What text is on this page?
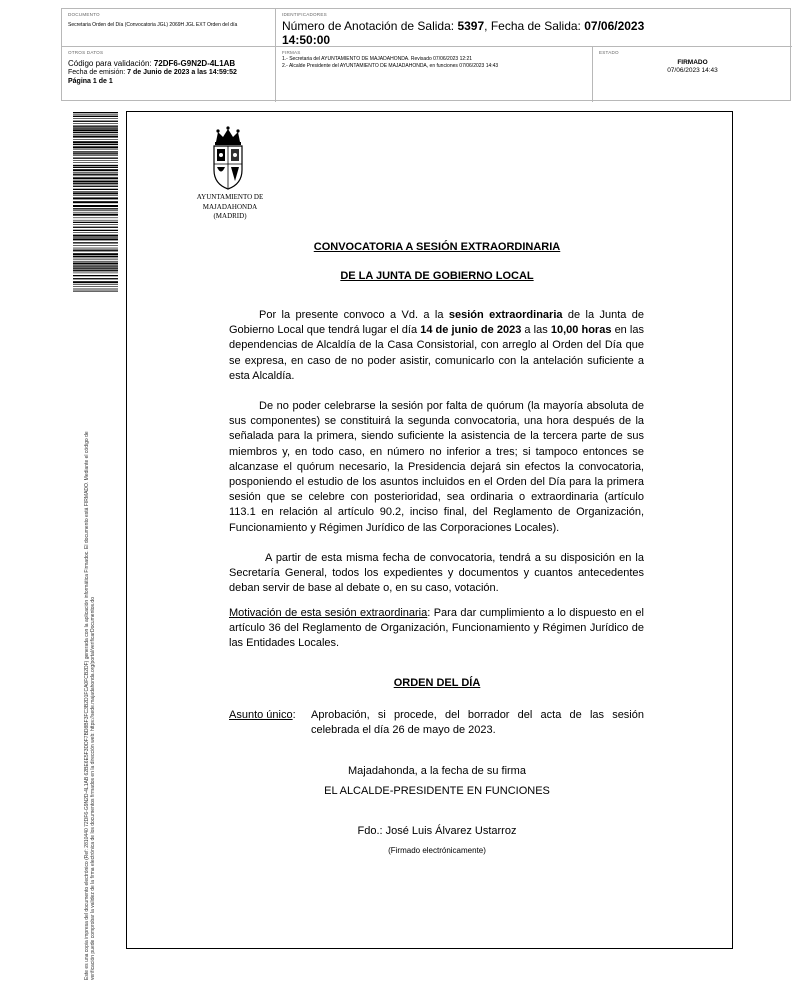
DOCUMENTO
Secretaria Orden del Día (Convocatoria JGL) 2069H JGL EXT Orden del día
IDENTIFICADORES
Número de Anotación de Salida: 5397, Fecha de Salida: 07/06/2023
14:50:00
OTROS DATOS
Código para validación: 72DF6-G9N2D-4L1AB
Fecha de emisión: 7 de Junio de 2023 a las 14:59:52
Página 1 de 1
FIRMAS
1.- Secretaria del AYUNTAMIENTO DE MAJADAHONDA. Revisado 07/06/2023 12:21
2.- Alcalde Presidente del AYUNTAMIENTO DE MAJADAHONDA, en funciones 07/06/2023 14:43
ESTADO
FIRMADO
07/06/2023 14:43
Este es una copia impresa del documento electrónico (Ref: 2810440 72DF6-G9N2D-4L1AB 62BE6E5F3DDF7BD8BF3FC3B2D1FCA0FCB2DF) generada con la aplicación informática Firmadoc. El documento está FIRMADO. Mediante el código de verificación puede comprobar la validez de la firma electrónica de los documentos firmados en la dirección web: https://sede.majadahonda.org/portal/verificarDocumentos.do
AYUNTAMIENTO DE
MAJADAHONDA
(MADRID)
CONVOCATORIA A SESIÓN EXTRAORDINARIA
DE LA JUNTA DE GOBIERNO LOCAL
Por la presente convoco a Vd. a la sesión extraordinaria de la Junta de Gobierno Local que tendrá lugar el día 14 de junio de 2023 a las 10,00 horas en las dependencias de Alcaldía de la Casa Consistorial, con arreglo al Orden del Día que se expresa, en caso de no poder asistir, comunicarlo con la antelación suficiente a esta Alcaldía.
De no poder celebrarse la sesión por falta de quórum (la mayoría absoluta de sus componentes) se constituirá la segunda convocatoria, una hora después de la señalada para la primera, siendo suficiente la asistencia de la tercera parte de sus miembros y, en todo caso, en número no inferior a tres; si tampoco entonces se alcanzase el quórum necesario, la Presidencia dejará sin efectos la convocatoria, posponiendo el estudio de los asuntos incluidos en el Orden del Día para la primera sesión que se celebre con posterioridad, sea ordinaria o extraordinaria (artículo 113.1 en relación al artículo 90.2, inciso final, del Reglamento de Organización, Funcionamiento y Régimen Jurídico de las Corporaciones Locales).
A partir de esta misma fecha de convocatoria, tendrá a su disposición en la Secretaría General, todos los expedientes y documentos y cuantos antecedentes deban servir de base al debate o, en su caso, votación.
Motivación de esta sesión extraordinaria: Para dar cumplimiento a lo dispuesto en el artículo 36 del Reglamento de Organización, Funcionamiento y Régimen Jurídico de las Entidades Locales.
ORDEN DEL DÍA
Asunto único: Aprobación, si procede, del borrador del acta de las sesión celebrada el día 26 de mayo de 2023.
Majadahonda, a la fecha de su firma
EL ALCALDE-PRESIDENTE EN FUNCIONES
Fdo.: José Luis Álvarez Ustarroz
(Firmado electrónicamente)
